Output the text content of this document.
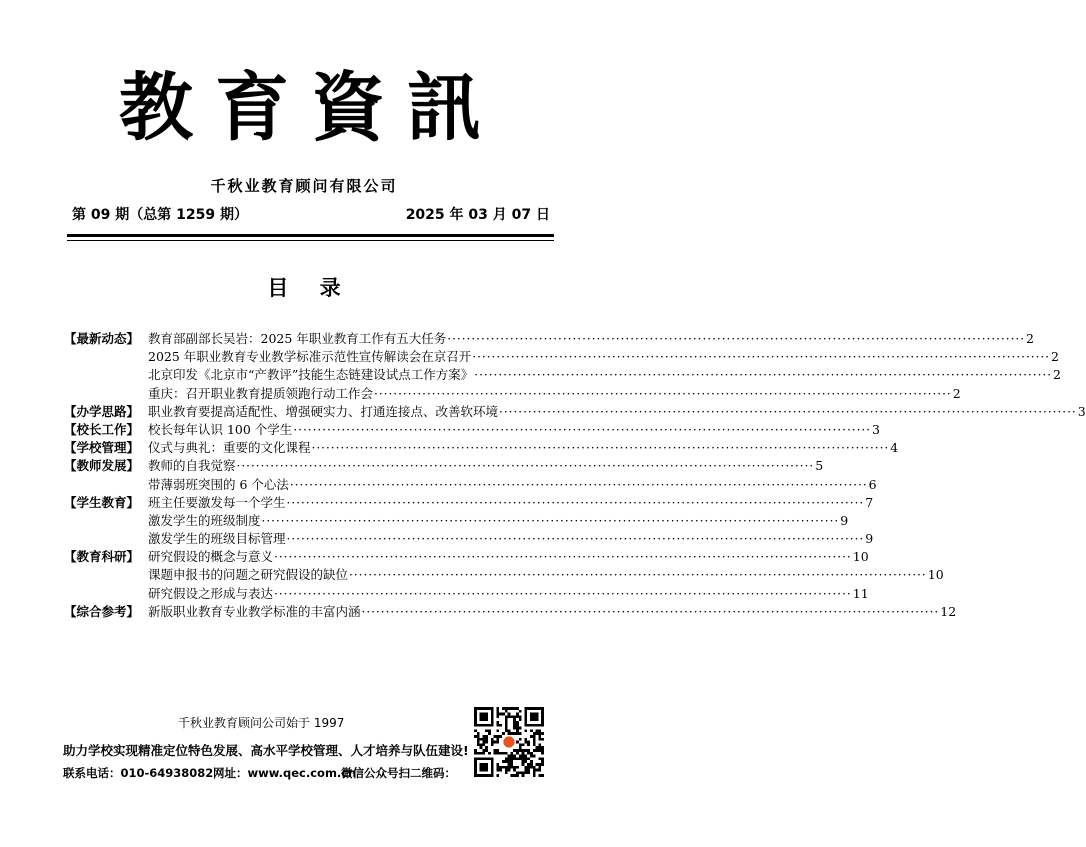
教育資訊
千秋业教育顾问有限公司
第 09 期（总第 1259 期）	2025 年 03 月 07 日
目 录
【最新动态】 教育部副部长吴岩：2025 年职业教育工作有五大任务 ························································································································ 2
2025 年职业教育专业教学标准示范性宣传解读会在京召开 ························································································································ 2
北京印发《北京市“产教评”技能生态链建设试点工作方案》 ························································································································ 2
重庆：召开职业教育提质领跑行动工作会 ························································································································ 2
【办学思路】 职业教育要提高适配性、增强硬实力、打通连接点、改善软环境 ························································································································ 3
【校长工作】 校长每年认识 100 个学生 ························································································································ 3
【学校管理】 仪式与典礼：重要的文化课程 ························································································································ 4
【教师发展】 教师的自我觉察 ························································································································ 5
带薄弱班突围的 6 个心法 ························································································································ 6
【学生教育】 班主任要激发每一个学生 ························································································································ 7
激发学生的班级制度 ························································································································ 9
激发学生的班级目标管理 ························································································································ 9
【教育科研】 研究假设的概念与意义 ························································································································ 10
课题申报书的问题之研究假设的缺位 ························································································································ 10
研究假设之形成与表达 ························································································································ 11
【综合参考】 新版职业教育专业教学标准的丰富内涵 ························································································································ 12
千秋业教育顾问公司始于 1997
助力学校实现精准定位特色发展、高水平学校管理、人才培养与队伍建设!
联系电话：010-64938082 网址：www.qec.com.cn
微信公众号扫二维码：
